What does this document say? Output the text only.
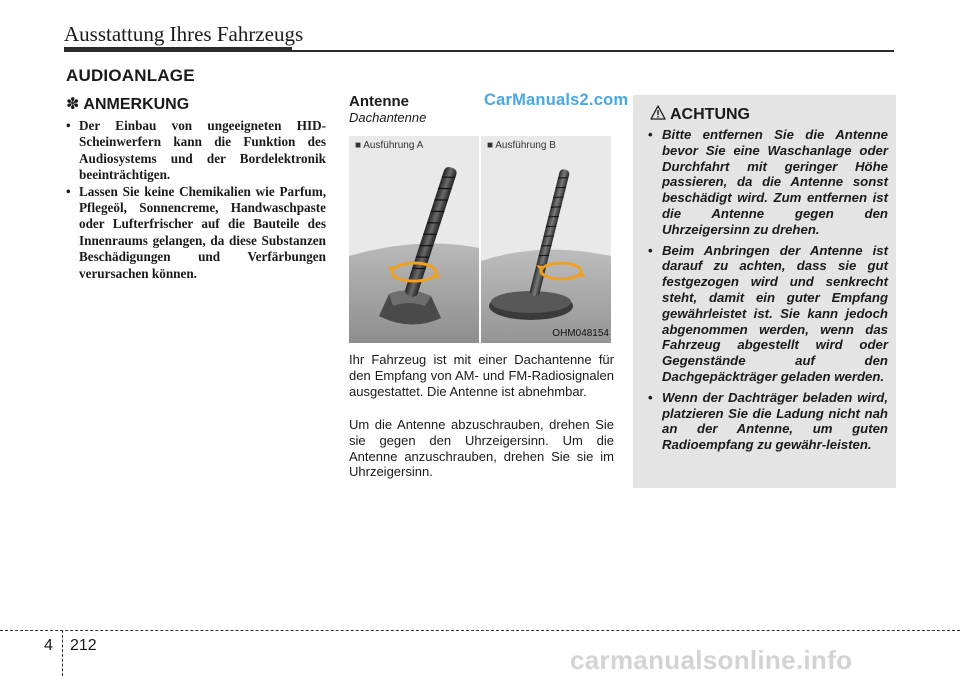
Ausstattung Ihres Fahrzeugs
AUDIOANLAGE
✽ ANMERKUNG
• Der Einbau von ungeeigneten HID-Scheinwerfern kann die Funktion des Audiosystems und der Bordelektronik beeinträchtigen.
• Lassen Sie keine Chemikalien wie Parfum, Pflegeöl, Sonnencreme, Handwaschpaste oder Lufterfrischer auf die Bauteile des Innenraums gelangen, da diese Substanzen Beschädigungen und Verfärbungen verursachen können.
Antenne
Dachantenne
CarManuals2.com
■ Ausführung A	■ Ausführung B
OHM048154

Ihr Fahrzeug ist mit einer Dachantenne für den Empfang von AM- und FM-Radiosignalen ausgestattet. Die Antenne ist abnehmbar.

Um die Antenne abzuschrauben, drehen Sie sie gegen den Uhrzeigersinn. Um die Antenne anzuschrauben, drehen Sie sie im Uhrzeigersinn.

ACHTUNG
• Bitte entfernen Sie die Antenne bevor Sie eine Waschanlage oder Durchfahrt mit geringer Höhe passieren, da die Antenne sonst beschädigt wird. Zum entfernen ist die Antenne gegen den Uhrzeigersinn zu drehen.
• Beim Anbringen der Antenne ist darauf zu achten, dass sie gut festgezogen wird und senkrecht steht, damit ein guter Empfang gewährleistet ist. Sie kann jedoch abgenommen werden, wenn das Fahrzeug abgestellt wird oder Gegenstände auf den Dachgepäckträger geladen werden.
• Wenn der Dachträger beladen wird, platzieren Sie die Ladung nicht nah an der Antenne, um guten Radioempfang zu gewähr-leisten.
4 212	carmanualsonline.info
